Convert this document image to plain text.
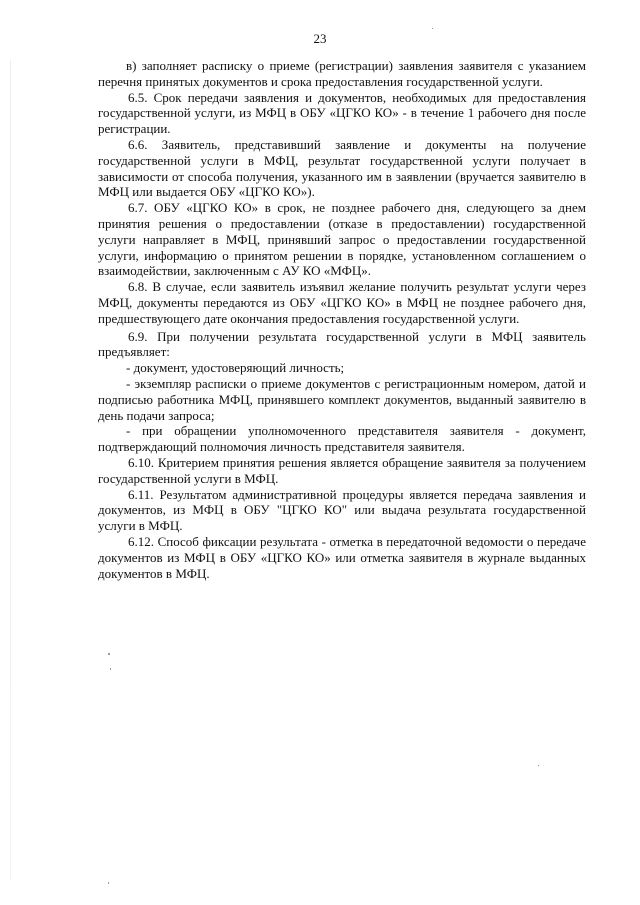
23

в) заполняет расписку о приеме (регистрации) заявления заявителя с указанием перечня принятых документов и срока предоставления государственной услуги.

6.5. Срок передачи заявления и документов, необходимых для предоставления государственной услуги, из МФЦ в ОБУ «ЦГКО КО» - в течение 1 рабочего дня после регистрации.

6.6. Заявитель, представивший заявление и документы на получение государственной услуги в МФЦ, результат государственной услуги получает в зависимости от способа получения, указанного им в заявлении (вручается заявителю в МФЦ или выдается ОБУ «ЦГКО КО»).

6.7. ОБУ «ЦГКО КО» в срок, не позднее рабочего дня, следующего за днем принятия решения о предоставлении (отказе в предоставлении) государственной услуги направляет в МФЦ, принявший запрос о предоставлении государственной услуги, информацию о принятом решении в порядке, установленном соглашением о взаимодействии, заключенным с АУ КО «МФЦ».

6.8. В случае, если заявитель изъявил желание получить результат услуги через МФЦ, документы передаются из ОБУ «ЦГКО КО» в МФЦ не позднее рабочего дня, предшествующего дате окончания предоставления государственной услуги.

6.9. При получении результата государственной услуги в МФЦ заявитель предъявляет:

- документ, удостоверяющий личность;

- экземпляр расписки о приеме документов с регистрационным номером, датой и подписью работника МФЦ, принявшего комплект документов, выданный заявителю в день подачи запроса;

- при обращении уполномоченного представителя заявителя - документ, подтверждающий полномочия личность представителя заявителя.

6.10. Критерием принятия решения является обращение заявителя за получением государственной услуги в МФЦ.

6.11. Результатом административной процедуры является передача заявления и документов, из МФЦ в ОБУ "ЦГКО КО" или выдача результата государственной услуги в МФЦ.

6.12. Способ фиксации результата - отметка в передаточной ведомости о передаче документов из МФЦ в ОБУ «ЦГКО КО» или отметка заявителя в журнале выданных документов в МФЦ.
